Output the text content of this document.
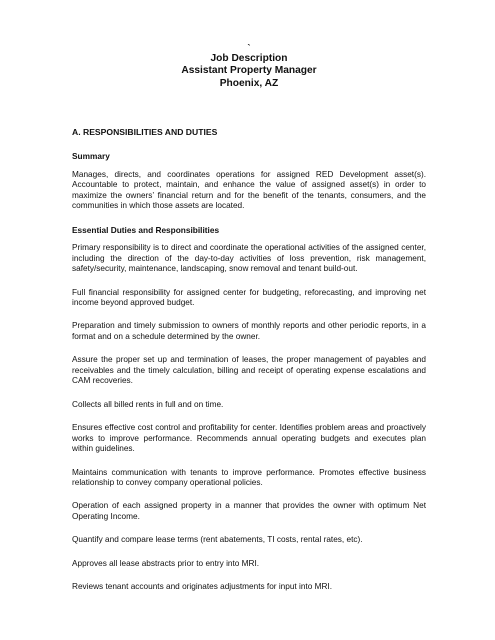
`
Job Description
Assistant Property Manager
Phoenix, AZ
A. RESPONSIBILITIES AND DUTIES
Summary

Manages, directs, and coordinates operations for assigned RED Development asset(s). Accountable to protect, maintain, and enhance the value of assigned asset(s) in order to maximize the owners’ financial return and for the benefit of the tenants, consumers, and the communities in which those assets are located.

Essential Duties and Responsibilities

Primary responsibility is to direct and coordinate the operational activities of the assigned center, including the direction of the day-to-day activities of loss prevention, risk management, safety/security, maintenance, landscaping, snow removal and tenant build-out.

Full financial responsibility for assigned center for budgeting, reforecasting, and improving net income beyond approved budget.

Preparation and timely submission to owners of monthly reports and other periodic reports, in a format and on a schedule determined by the owner.

Assure the proper set up and termination of leases, the proper management of payables and receivables and the timely calculation, billing and receipt of operating expense escalations and CAM recoveries.

Collects all billed rents in full and on time.

Ensures effective cost control and profitability for center. Identifies problem areas and proactively works to improve performance. Recommends annual operating budgets and executes plan within guidelines.

Maintains communication with tenants to improve performance. Promotes effective business relationship to convey company operational policies.

Operation of each assigned property in a manner that provides the owner with optimum Net Operating Income.

Quantify and compare lease terms (rent abatements, TI costs, rental rates, etc).

Approves all lease abstracts prior to entry into MRI.

Reviews tenant accounts and originates adjustments for input into MRI.
